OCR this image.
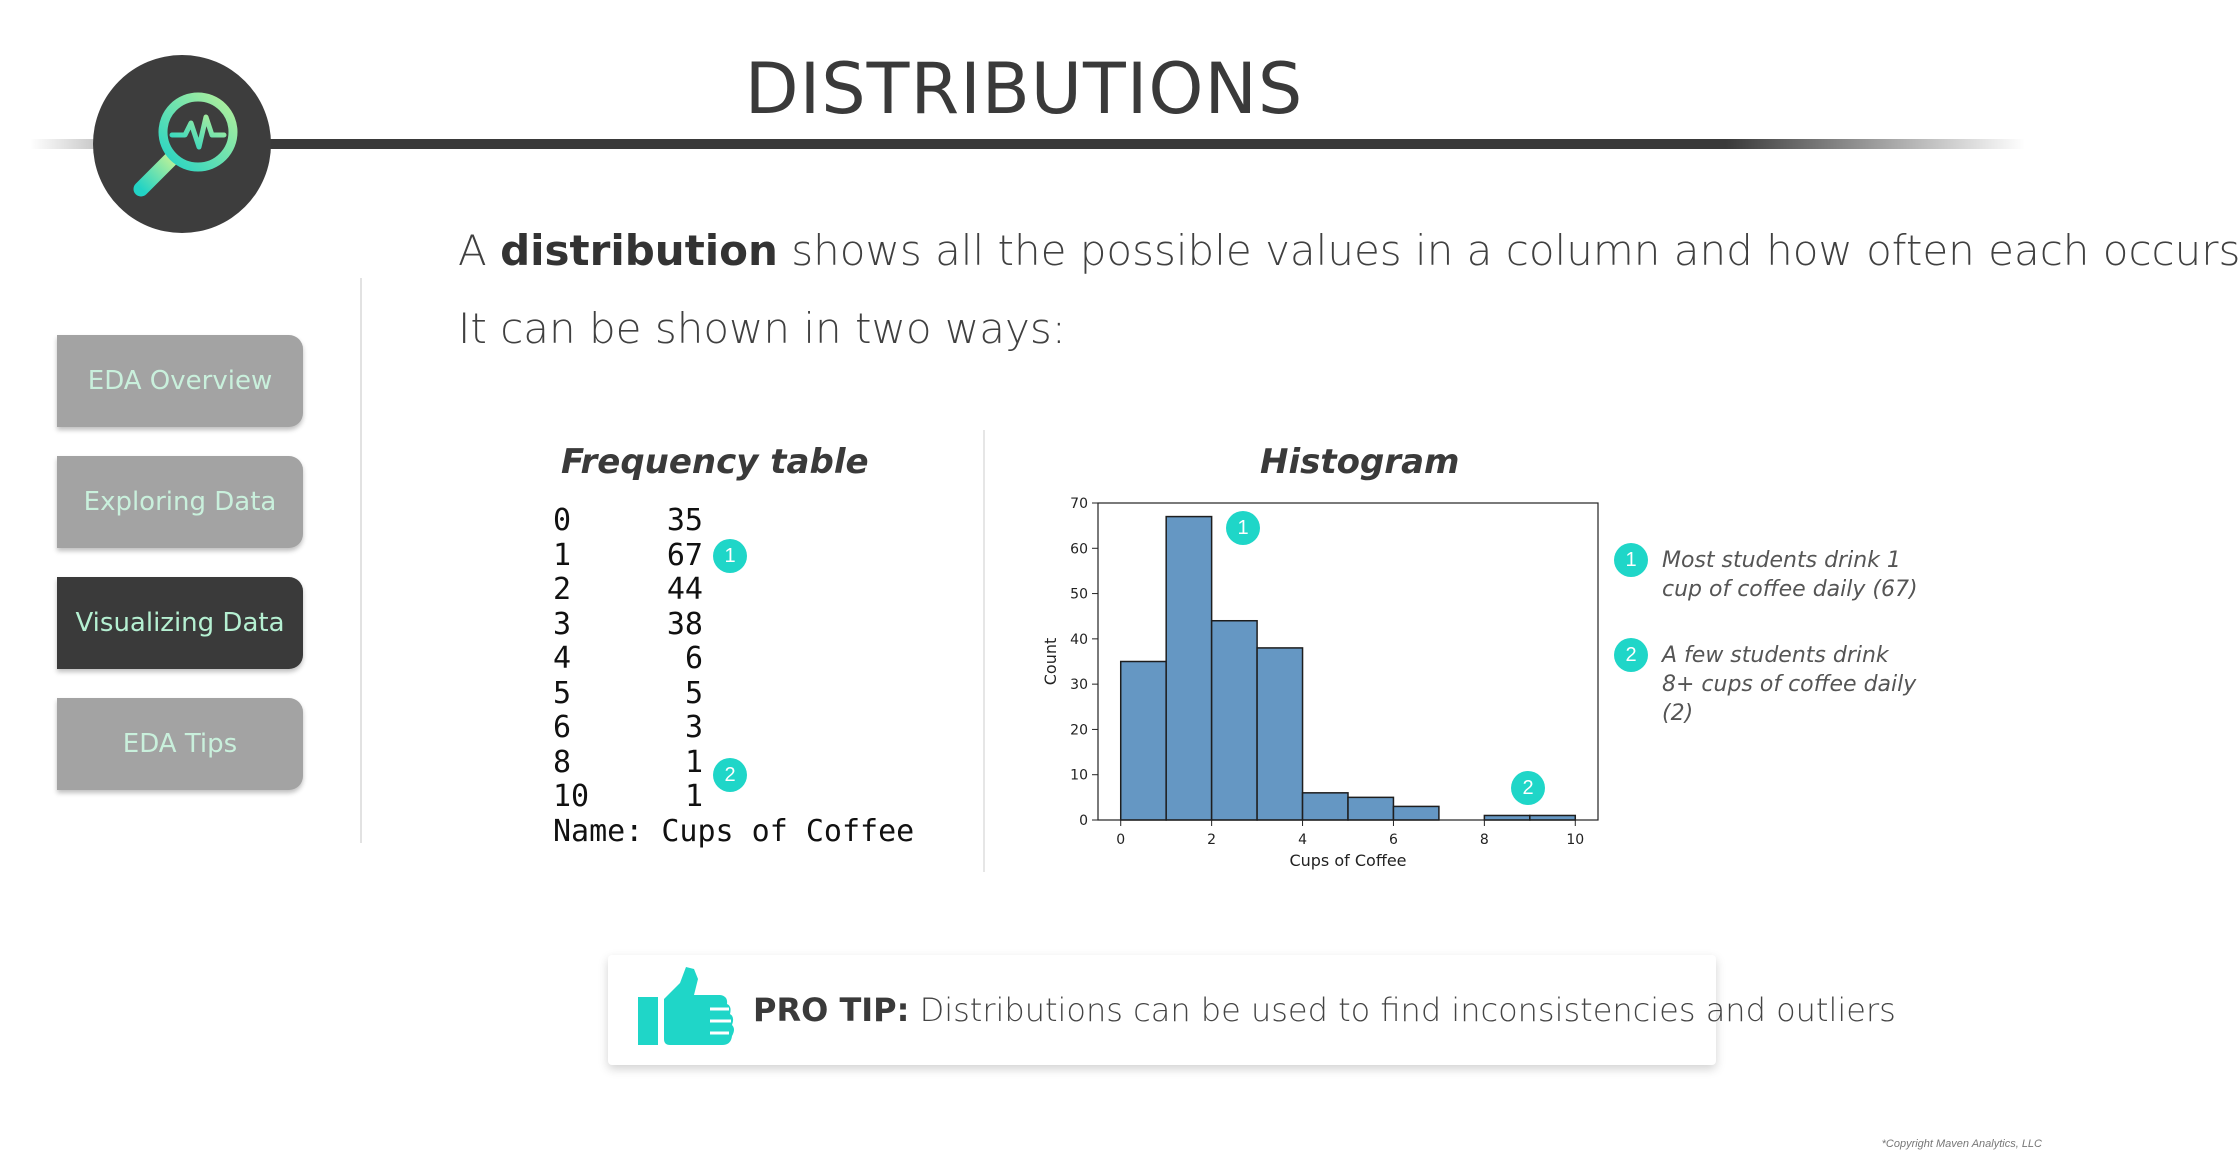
DISTRIBUTIONS
EDA Overview
Exploring Data
Visualizing Data
EDA Tips
A distribution shows all the possible values in a column and how often each occurs
It can be shown in two ways:
Frequency table
0	35
1	67
2	44
3	38
4	6
5	5
6	3
8	1
10	1
Name: Cups of Coffee
1
2
Histogram
0
10
20
30
40
50
60
70
0	2	4	6	8	10
Cups of Coffee
Count
1
2
1	Most students drink 1 cup of coffee daily (67)
2	A few students drink 8+ cups of coffee daily (2)
PRO TIP: Distributions can be used to find inconsistencies and outliers
*Copyright Maven Analytics, LLC
